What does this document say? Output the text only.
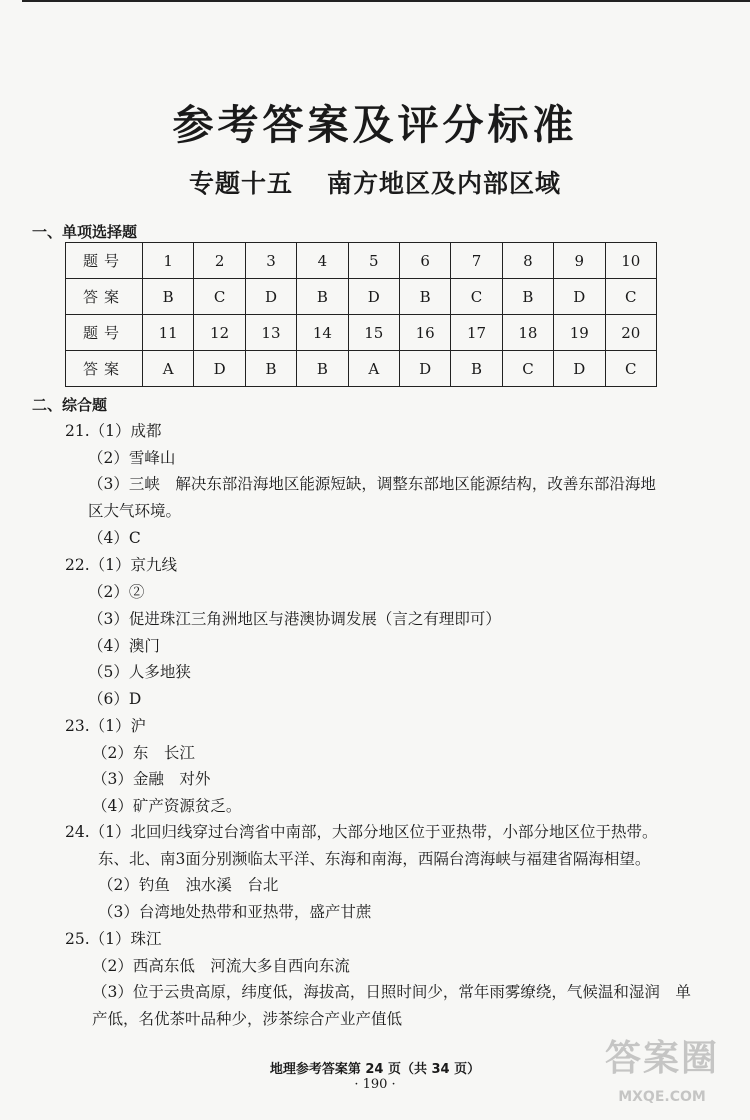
参考答案及评分标准
专题十五 南方地区及内部区域
一、单项选择题
题号	1	2	3	4	5	6	7	8	9	10
答案	B	C	D	B	D	B	C	B	D	C
题号	11	12	13	14	15	16	17	18	19	20
答案	A	D	B	B	A	D	B	C	D	C
二、综合题
21.（1）成都
（2）雪峰山
（3）三峡　解决东部沿海地区能源短缺，调整东部地区能源结构，改善东部沿海地
区大气环境。
（4）C
22.（1）京九线
（2）②
（3）促进珠江三角洲地区与港澳协调发展（言之有理即可）
（4）澳门
（5）人多地狭
（6）D
23.（1）沪
（2）东　长江
（3）金融　对外
（4）矿产资源贫乏。
24.（1）北回归线穿过台湾省中南部，大部分地区位于亚热带，小部分地区位于热带。
东、北、南3面分别濒临太平洋、东海和南海，西隔台湾海峡与福建省隔海相望。
（2）钓鱼　浊水溪　台北
（3）台湾地处热带和亚热带，盛产甘蔗
25.（1）珠江
（2）西高东低　河流大多自西向东流
（3）位于云贵高原，纬度低，海拔高，日照时间少，常年雨雾缭绕，气候温和湿润　单
产低，名优茶叶品种少，涉茶综合产业产值低
地理参考答案第 24 页（共 34 页）
· 190 ·
答案圈
MXQE.COM
